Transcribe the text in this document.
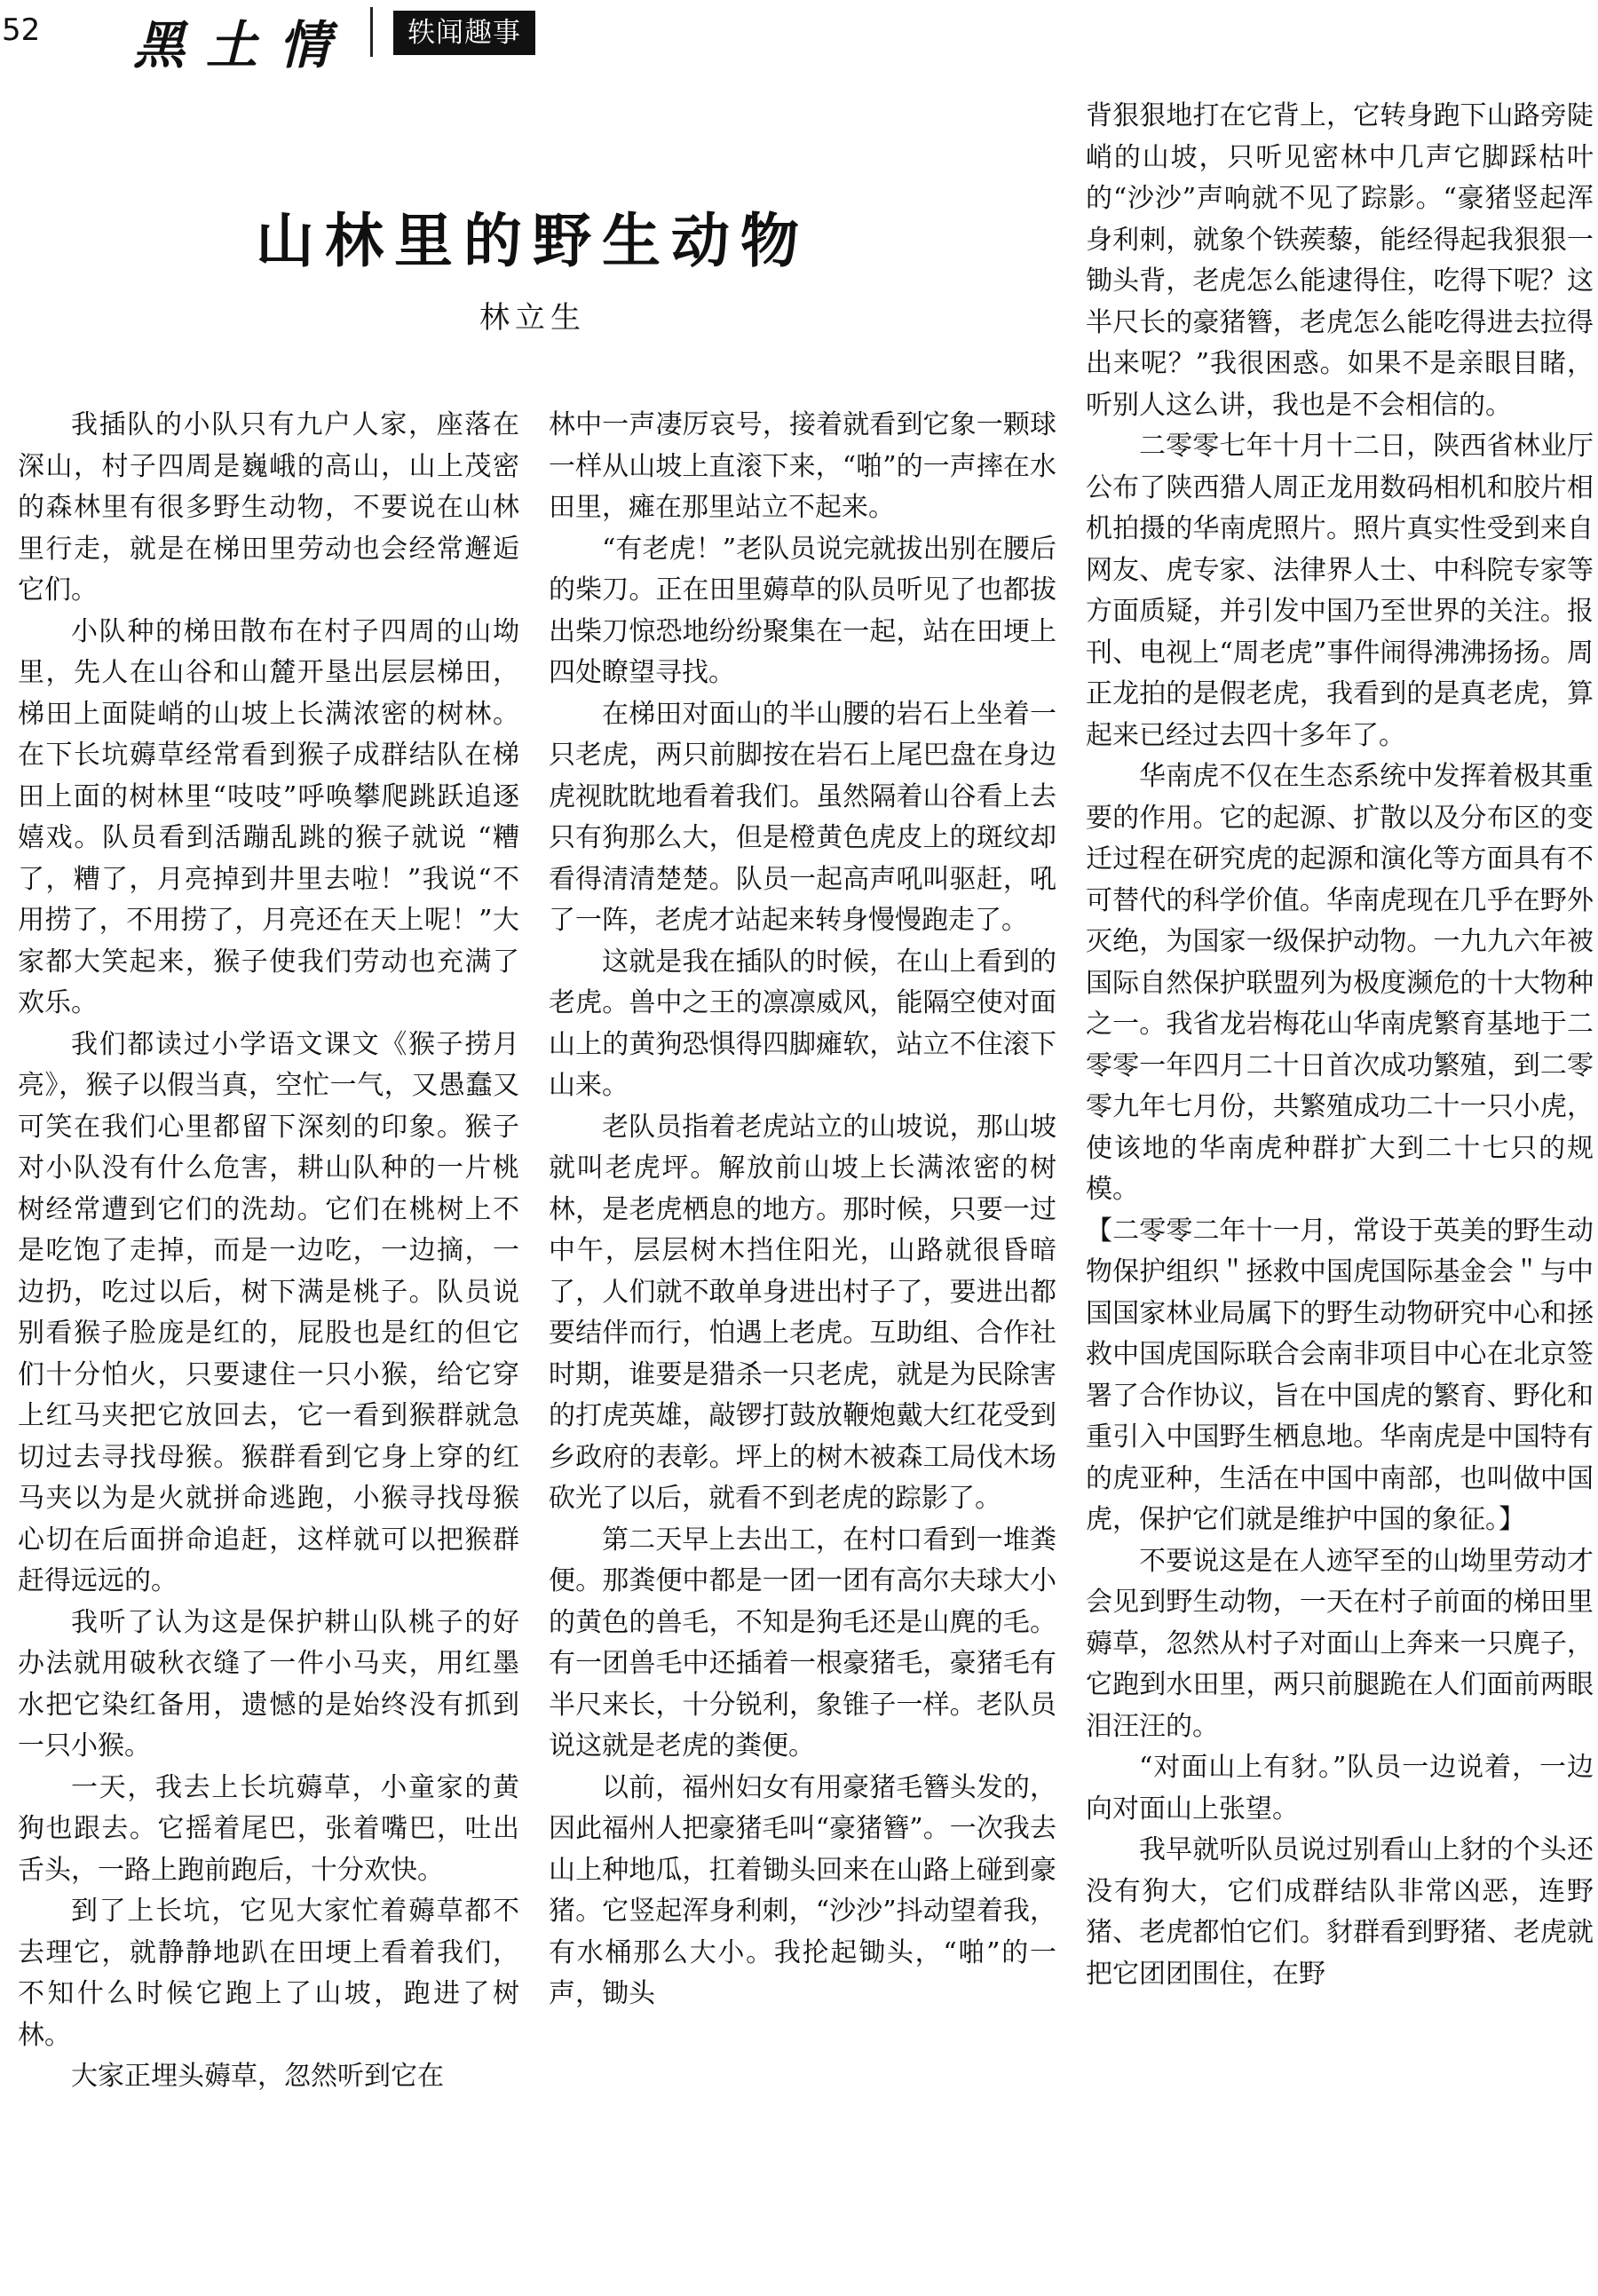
52 黑土情	轶闻趣事
山林里的野生动物
林立生

我插队的小队只有九户人家，座落在深山，村子四周是巍峨的高山，山上茂密的森林里有很多野生动物，不要说在山林里行走，就是在梯田里劳动也会经常邂逅它们。

小队种的梯田散布在村子四周的山坳里，先人在山谷和山麓开垦出层层梯田，梯田上面陡峭的山坡上长满浓密的树林。在下长坑薅草经常看到猴子成群结队在梯田上面的树林里“吱吱”呼唤攀爬跳跃追逐嬉戏。队员看到活蹦乱跳的猴子就说 “糟了，糟了，月亮掉到井里去啦！”我说“不用捞了，不用捞了，月亮还在天上呢！”大家都大笑起来，猴子使我们劳动也充满了欢乐。

我们都读过小学语文课文《猴子捞月亮》，猴子以假当真，空忙一气，又愚蠢又可笑在我们心里都留下深刻的印象。猴子对小队没有什么危害，耕山队种的一片桃树经常遭到它们的洗劫。它们在桃树上不是吃饱了走掉，而是一边吃，一边摘，一边扔，吃过以后，树下满是桃子。队员说别看猴子脸庞是红的，屁股也是红的但它们十分怕火，只要逮住一只小猴，给它穿上红马夹把它放回去，它一看到猴群就急切过去寻找母猴。猴群看到它身上穿的红马夹以为是火就拼命逃跑，小猴寻找母猴心切在后面拼命追赶，这样就可以把猴群赶得远远的。

我听了认为这是保护耕山队桃子的好办法就用破秋衣缝了一件小马夹，用红墨水把它染红备用，遗憾的是始终没有抓到一只小猴。

一天，我去上长坑薅草，小童家的黄狗也跟去。它摇着尾巴，张着嘴巴，吐出舌头，一路上跑前跑后，十分欢快。

到了上长坑，它见大家忙着薅草都不去理它，就静静地趴在田埂上看着我们，不知什么时候它跑上了山坡，跑进了树林。

大家正埋头薅草，忽然听到它在

林中一声凄厉哀号，接着就看到它象一颗球一样从山坡上直滚下来，“啪”的一声摔在水田里，瘫在那里站立不起来。

“有老虎！”老队员说完就拔出别在腰后的柴刀。正在田里薅草的队员听见了也都拔出柴刀惊恐地纷纷聚集在一起，站在田埂上四处瞭望寻找。

在梯田对面山的半山腰的岩石上坐着一只老虎，两只前脚按在岩石上尾巴盘在身边虎视眈眈地看着我们。虽然隔着山谷看上去只有狗那么大，但是橙黄色虎皮上的斑纹却看得清清楚楚。队员一起高声吼叫驱赶，吼了一阵，老虎才站起来转身慢慢跑走了。

这就是我在插队的时候，在山上看到的老虎。兽中之王的凛凛威风，能隔空使对面山上的黄狗恐惧得四脚瘫软，站立不住滚下山来。

老队员指着老虎站立的山坡说，那山坡就叫老虎坪。解放前山坡上长满浓密的树林，是老虎栖息的地方。那时候，只要一过中午，层层树木挡住阳光，山路就很昏暗了，人们就不敢单身进出村子了，要进出都要结伴而行，怕遇上老虎。互助组、合作社时期，谁要是猎杀一只老虎，就是为民除害的打虎英雄，敲锣打鼓放鞭炮戴大红花受到乡政府的表彰。坪上的树木被森工局伐木场砍光了以后，就看不到老虎的踪影了。

第二天早上去出工，在村口看到一堆粪便。那粪便中都是一团一团有高尔夫球大小的黄色的兽毛，不知是狗毛还是山麂的毛。有一团兽毛中还插着一根豪猪毛，豪猪毛有半尺来长，十分锐利，象锥子一样。老队员说这就是老虎的粪便。

以前，福州妇女有用豪猪毛簪头发的，因此福州人把豪猪毛叫“豪猪簪”。一次我去山上种地瓜，扛着锄头回来在山路上碰到豪猪。它竖起浑身利刺，“沙沙”抖动望着我，有水桶那么大小。我抡起锄头，“啪”的一声，锄头

背狠狠地打在它背上，它转身跑下山路旁陡峭的山坡，只听见密林中几声它脚踩枯叶的“沙沙”声响就不见了踪影。“豪猪竖起浑身利刺，就象个铁蒺藜，能经得起我狠狠一锄头背，老虎怎么能逮得住，吃得下呢？这半尺长的豪猪簪，老虎怎么能吃得进去拉得出来呢？”我很困惑。如果不是亲眼目睹，听别人这么讲，我也是不会相信的。

二零零七年十月十二日，陕西省林业厅公布了陕西猎人周正龙用数码相机和胶片相机拍摄的华南虎照片。照片真实性受到来自网友、虎专家、法律界人士、中科院专家等方面质疑，并引发中国乃至世界的关注。报刊、电视上“周老虎”事件闹得沸沸扬扬。周正龙拍的是假老虎，我看到的是真老虎，算起来已经过去四十多年了。

华南虎不仅在生态系统中发挥着极其重要的作用。它的起源、扩散以及分布区的变迁过程在研究虎的起源和演化等方面具有不可替代的科学价值。华南虎现在几乎在野外灭绝，为国家一级保护动物。一九九六年被国际自然保护联盟列为极度濒危的十大物种之一。我省龙岩梅花山华南虎繁育基地于二零零一年四月二十日首次成功繁殖，到二零零九年七月份，共繁殖成功二十一只小虎，使该地的华南虎种群扩大到二十七只的规模。

【二零零二年十一月，常设于英美的野生动物保护组织＂拯救中国虎国际基金会＂与中国国家林业局属下的野生动物研究中心和拯救中国虎国际联合会南非项目中心在北京签署了合作协议，旨在中国虎的繁育、野化和重引入中国野生栖息地。华南虎是中国特有的虎亚种，生活在中国中南部，也叫做中国虎，保护它们就是维护中国的象征。】

不要说这是在人迹罕至的山坳里劳动才会见到野生动物，一天在村子前面的梯田里薅草，忽然从村子对面山上奔来一只麂子，它跑到水田里，两只前腿跪在人们面前两眼泪汪汪的。

“对面山上有豺。”队员一边说着，一边向对面山上张望。

我早就听队员说过别看山上豺的个头还没有狗大，它们成群结队非常凶恶，连野猪、老虎都怕它们。豺群看到野猪、老虎就把它团团围住，在野
